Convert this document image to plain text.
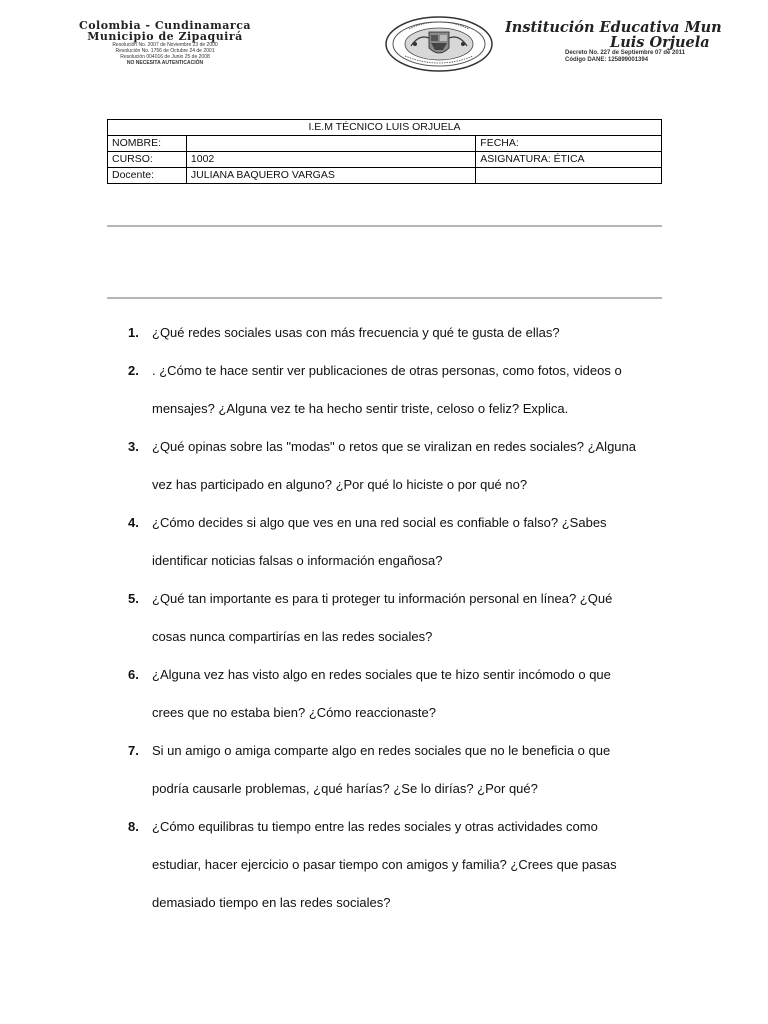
Colombia - Cundinamarca
Municipio de Zipaquirá
Resolución No. 2007 de Noviembre 23 de 2000
Resolución No. 1756 de Octubre 24 de 2001
Resolución 004016 de Junio 25 de 2008
NO NECESITA AUTENTICACIÓN
Institución Educativa Mun
Luis Orjuela
Decreto No. 227 de Septiembre 07 de 2011
Código DANE: 125899001394
I.E.M TÉCNICO LUIS ORJUELA		
NOMBRE:		FECHA:
CURSO:	1002	ASIGNATURA: ÉTICA
Docente:	JULIANA BAQUERO VARGAS	
1.	¿Qué redes sociales usas con más frecuencia y qué te gusta de ellas?
2.	. ¿Cómo te hace sentir ver publicaciones de otras personas, como fotos, videos o
mensajes? ¿Alguna vez te ha hecho sentir triste, celoso o feliz? Explica.
3.	¿Qué opinas sobre las "modas" o retos que se viralizan en redes sociales? ¿Alguna
vez has participado en alguno? ¿Por qué lo hiciste o por qué no?
4.	¿Cómo decides si algo que ves en una red social es confiable o falso? ¿Sabes
identificar noticias falsas o información engañosa?
5.	¿Qué tan importante es para ti proteger tu información personal en línea? ¿Qué
cosas nunca compartirías en las redes sociales?
6.	¿Alguna vez has visto algo en redes sociales que te hizo sentir incómodo o que
crees que no estaba bien? ¿Cómo reaccionaste?
7.	Si un amigo o amiga comparte algo en redes sociales que no le beneficia o que
podría causarle problemas, ¿qué harías? ¿Se lo dirías? ¿Por qué?
8.	¿Cómo equilibras tu tiempo entre las redes sociales y otras actividades como
estudiar, hacer ejercicio o pasar tiempo con amigos y familia? ¿Crees que pasas
demasiado tiempo en las redes sociales?
